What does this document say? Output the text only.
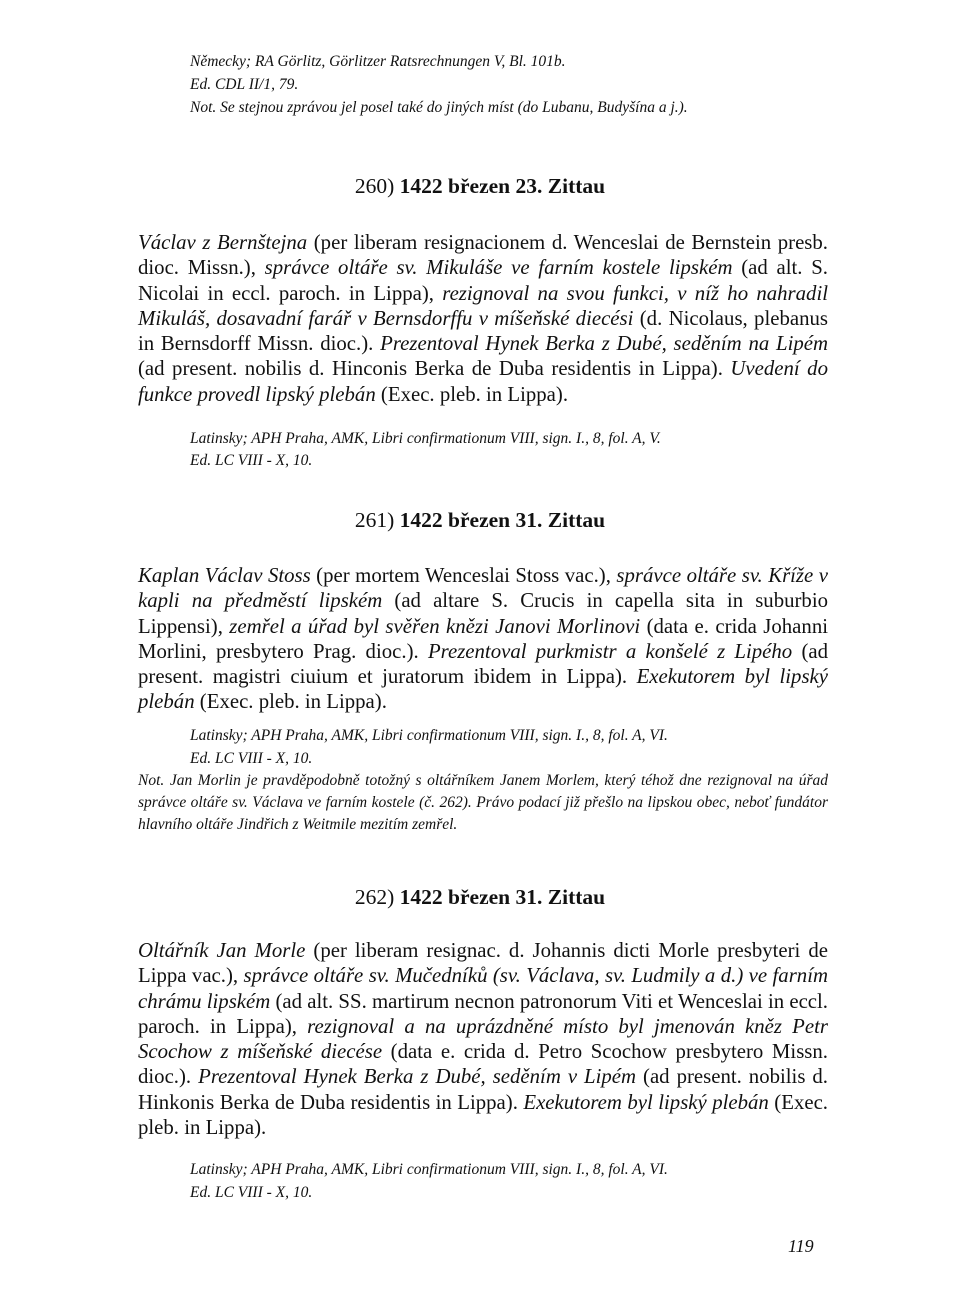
Německy; RA Görlitz, Görlitzer Ratsrechnungen V, Bl. 101b.
Ed. CDL II/1, 79.
Not. Se stejnou zprávou jel posel také do jiných míst (do Lubanu, Budyšína a j.).
260) 1422 březen 23. Zittau
Václav z Bernštejna (per liberam resignacionem d. Wenceslai de Bernstein presb. dioc. Missn.), správce oltáře sv. Mikuláše ve farním kostele lipském (ad alt. S. Nicolai in eccl. paroch. in Lippa), rezignoval na svou funkci, v níž ho nahradil Mikuláš, dosavadní farář v Bernsdorffu v míšeňské diecési (d. Nicolaus, plebanus in Bernsdorff Missn. dioc.). Prezentoval Hynek Berka z Dubé, seděním na Lipém (ad present. nobilis d. Hinconis Berka de Duba residentis in Lippa). Uvedení do funkce provedl lipský plebán (Exec. pleb. in Lippa).
Latinsky; APH Praha, AMK, Libri confirmationum VIII, sign. I., 8, fol. A, V.
Ed. LC VIII - X, 10.
261) 1422 březen 31. Zittau
Kaplan Václav Stoss (per mortem Wenceslai Stoss vac.), správce oltáře sv. Kříže v kapli na předměstí lipském (ad altare S. Crucis in capella sita in suburbio Lippensi), zemřel a úřad byl svěřen knězi Janovi Morlinovi (data e. crida Johanni Morlini, presbytero Prag. dioc.). Prezentoval purkmistr a konšelé z Lipého (ad present. magistri ciuium et juratorum ibidem in Lippa). Exekutorem byl lipský plebán (Exec. pleb. in Lippa).
Latinsky; APH Praha, AMK, Libri confirmationum VIII, sign. I., 8, fol. A, VI.
Ed. LC VIII - X, 10.
Not. Jan Morlin je pravděpodobně totožný s oltářníkem Janem Morlem, který téhož dne rezignoval na úřad správce oltáře sv. Václava ve farním kostele (č. 262). Právo podací již přešlo na lipskou obec, neboť fundátor hlavního oltáře Jindřich z Weitmile mezitím zemřel.
262) 1422 březen 31. Zittau
Oltářník Jan Morle (per liberam resignac. d. Johannis dicti Morle presbyteri de Lippa vac.), správce oltáře sv. Mučedníků (sv. Václava, sv. Ludmily a d.) ve farním chrámu lipském (ad alt. SS. martirum necnon patronorum Viti et Wenceslai in eccl. paroch. in Lippa), rezignoval a na uprázdněné místo byl jmenován kněz Petr Scochow z míšeňské diecése (data e. crida d. Petro Scochow presbytero Missn. dioc.). Prezentoval Hynek Berka z Dubé, seděním v Lipém (ad present. nobilis d. Hinkonis Berka de Duba residentis in Lippa). Exekutorem byl lipský plebán (Exec. pleb. in Lippa).
Latinsky; APH Praha, AMK, Libri confirmationum VIII, sign. I., 8, fol. A, VI.
Ed. LC VIII - X, 10.
119
